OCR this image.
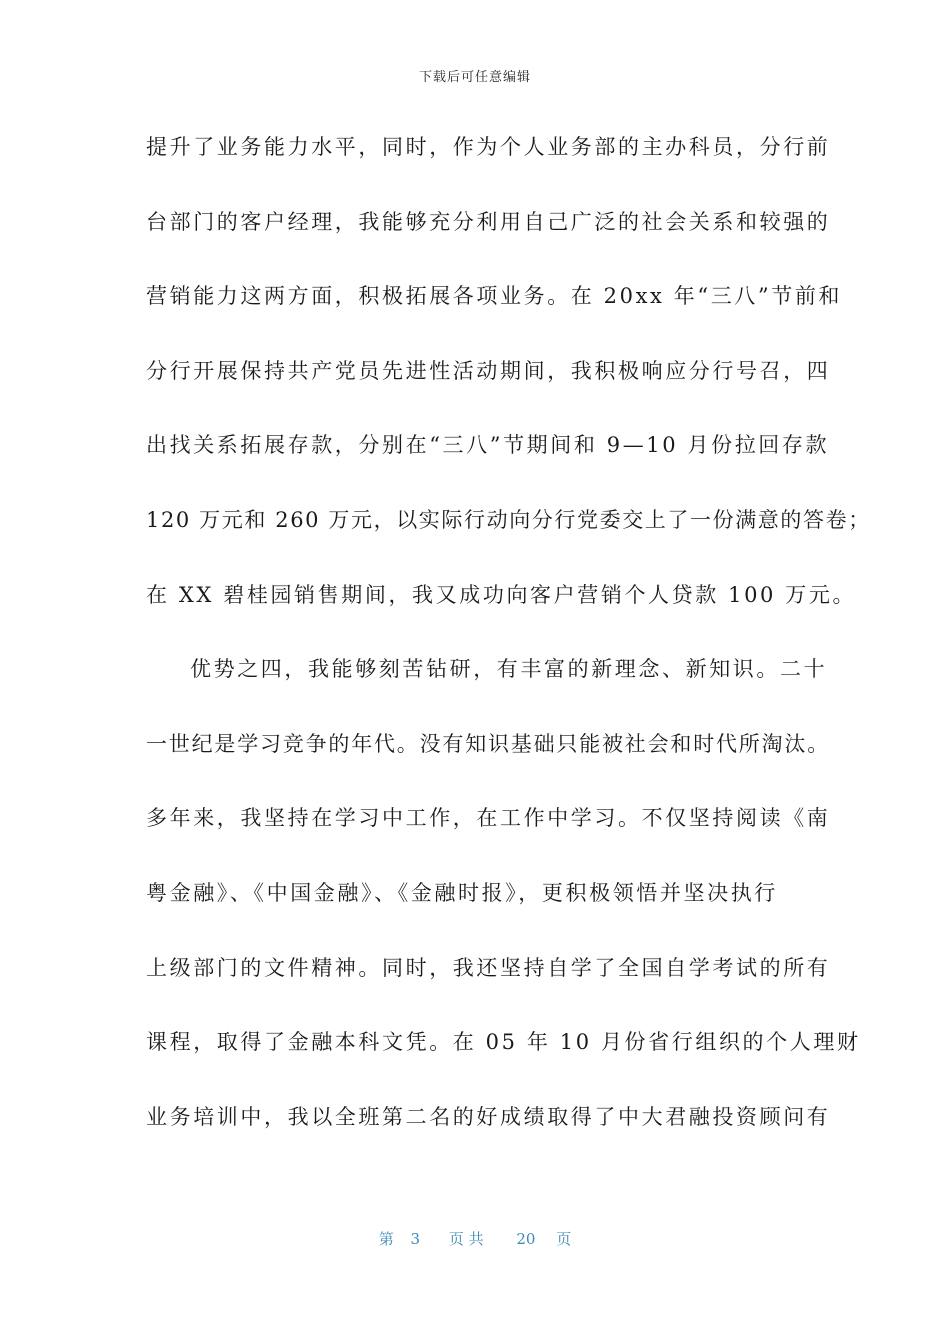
下载后可任意编辑
提升了业务能力水平，同时，作为个人业务部的主办科员，分行前
台部门的客户经理，我能够充分利用自己广泛的社会关系和较强的
营销能力这两方面，积极拓展各项业务。在 20xx 年“三八”节前和
分行开展保持共产党员先进性活动期间，我积极响应分行号召，四
出找关系拓展存款，分别在“三八”节期间和 9—10 月份拉回存款
120 万元和 260 万元，以实际行动向分行党委交上了一份满意的答卷；
在 XX 碧桂园销售期间，我又成功向客户营销个人贷款 100 万元。
优势之四，我能够刻苦钻研，有丰富的新理念、新知识。二十
一世纪是学习竞争的年代。没有知识基础只能被社会和时代所淘汰。
多年来，我坚持在学习中工作，在工作中学习。不仅坚持阅读《南
粤金融》、《中国金融》、《金融时报》，更积极领悟并坚决执行
上级部门的文件精神。同时，我还坚持自学了全国自学考试的所有
课程，取得了金融本科文凭。在 05 年 10 月份省行组织的个人理财
业务培训中，我以全班第二名的好成绩取得了中大君融投资顾问有
第 3 页 共 20 页
